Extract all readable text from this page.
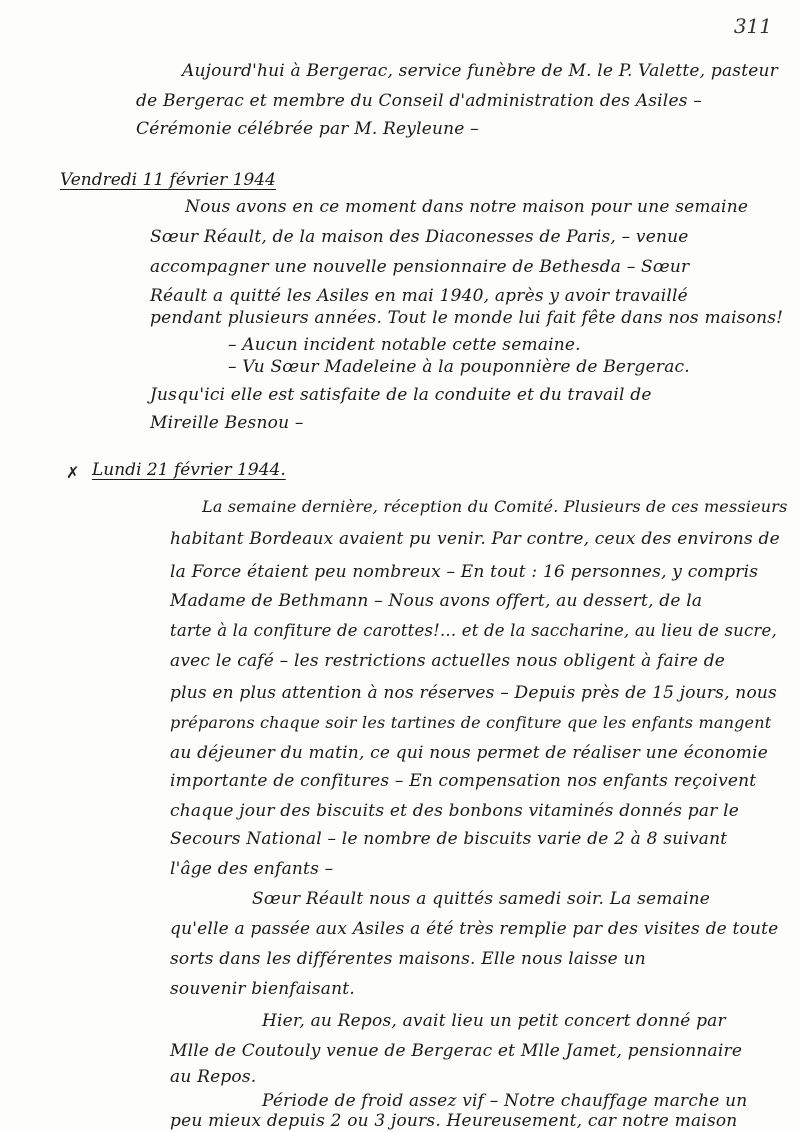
311
Aujourd'hui à Bergerac, service funèbre de M. le P. Valette, pasteur
de Bergerac et membre du Conseil d'administration des Asiles –
Cérémonie célébrée par M. Reyleune –
Vendredi 11 février 1944
Nous avons en ce moment dans notre maison pour une semaine
Sœur Réault, de la maison des Diaconesses de Paris, – venue
accompagner une nouvelle pensionnaire de Bethesda – Sœur
Réault a quitté les Asiles en mai 1940, après y avoir travaillé
pendant plusieurs années. Tout le monde lui fait fête dans nos maisons!
– Aucun incident notable cette semaine.
– Vu Sœur Madeleine à la pouponnière de Bergerac.
Jusqu'ici elle est satisfaite de la conduite et du travail de
Mireille Besnou –
✗ Lundi 21 février 1944.
La semaine dernière, réception du Comité. Plusieurs de ces messieurs
habitant Bordeaux avaient pu venir. Par contre, ceux des environs de
la Force étaient peu nombreux – En tout : 16 personnes, y compris
Madame de Bethmann – Nous avons offert, au dessert, de la
tarte à la confiture de carottes!... et de la saccharine, au lieu de sucre,
avec le café – les restrictions actuelles nous obligent à faire de
plus en plus attention à nos réserves – Depuis près de 15 jours, nous
préparons chaque soir les tartines de confiture que les enfants mangent
au déjeuner du matin, ce qui nous permet de réaliser une économie
importante de confitures – En compensation nos enfants reçoivent
chaque jour des biscuits et des bonbons vitaminés donnés par le
Secours National – le nombre de biscuits varie de 2 à 8 suivant
l'âge des enfants –
Sœur Réault nous a quittés samedi soir. La semaine
qu'elle a passée aux Asiles a été très remplie par des visites de toute
sorts dans les différentes maisons. Elle nous laisse un
souvenir bienfaisant.
Hier, au Repos, avait lieu un petit concert donné par
Mlle de Coutouly venue de Bergerac et Mlle Jamet, pensionnaire
au Repos.
Période de froid assez vif – Notre chauffage marche un
peu mieux depuis 2 ou 3 jours. Heureusement, car notre maison
